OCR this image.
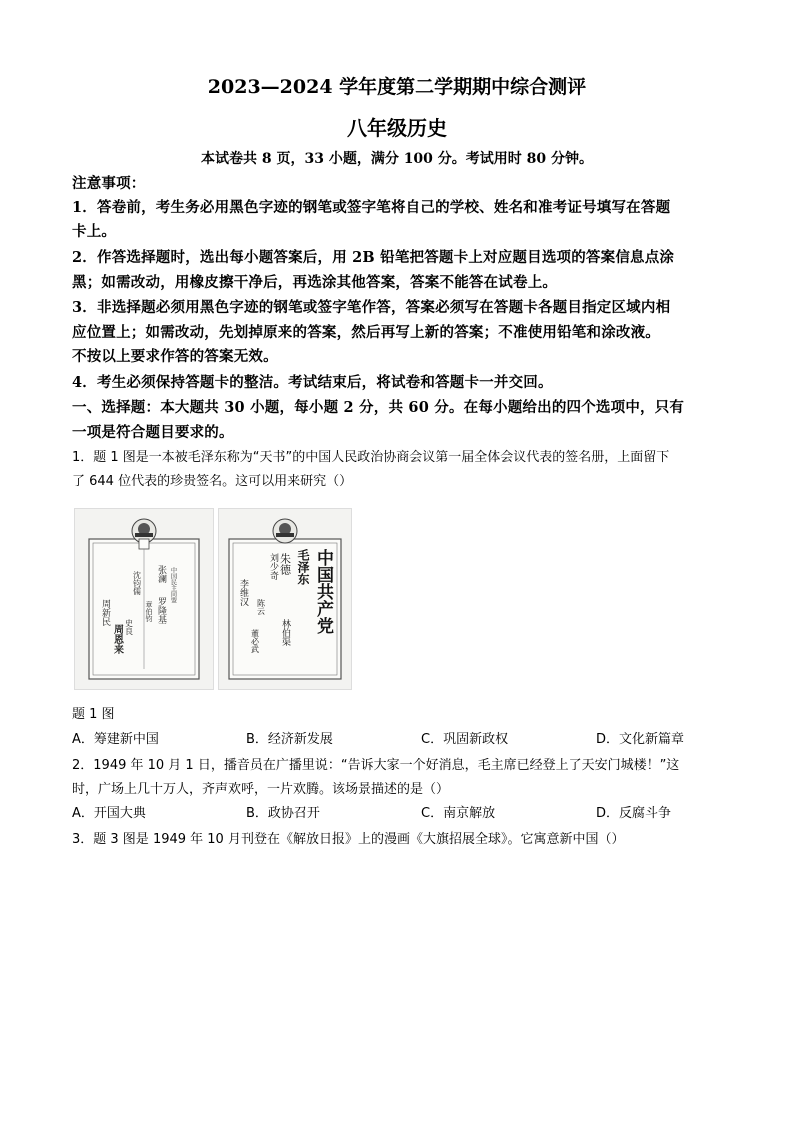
2023—2024 学年度第二学期期中综合测评
八年级历史
本试卷共 8 页，33 小题，满分 100 分。考试用时 80 分钟。
注意事项：
1．答卷前，考生务必用黑色字迹的钢笔或签字笔将自己的学校、姓名和准考证号填写在答题
卡上。
2．作答选择题时，选出每小题答案后，用 2B 铅笔把答题卡上对应题目选项的答案信息点涂
黑；如需改动，用橡皮擦干净后，再选涂其他答案，答案不能答在试卷上。
3．非选择题必须用黑色字迹的钢笔或签字笔作答，答案必须写在答题卡各题目指定区域内相
应位置上；如需改动，先划掉原来的答案，然后再写上新的答案；不准使用铅笔和涂改液。
不按以上要求作答的答案无效。
4．考生必须保持答题卡的整洁。考试结束后，将试卷和答题卡一并交回。
一、选择题：本大题共 30 小题，每小题 2 分，共 60 分。在每小题给出的四个选项中，只有
一项是符合题目要求的。
1．题 1 图是一本被毛泽东称为“天书”的中国人民政治协商会议第一届全体会议代表的签名册，上面留下
了 644 位代表的珍贵签名。这可以用来研究（）
中国民主同盟
张澜
罗隆基
沈钧儒
章伯钧
周恩来
周新民
史良	中国共产党
毛泽东
朱德
刘少奇
陈云
林伯渠
李维汉
董必武
题 1 图
A．筹建新中国	B．经济新发展	C．巩固新政权	D．文化新篇章
2．1949 年 10 月 1 日，播音员在广播里说：“告诉大家一个好消息，毛主席已经登上了天安门城楼！”这
时，广场上几十万人，齐声欢呼，一片欢腾。该场景描述的是（）
A．开国大典	B．政协召开	C．南京解放	D．反腐斗争
3．题 3 图是 1949 年 10 月刊登在《解放日报》上的漫画《大旗招展全球》。它寓意新中国（）
